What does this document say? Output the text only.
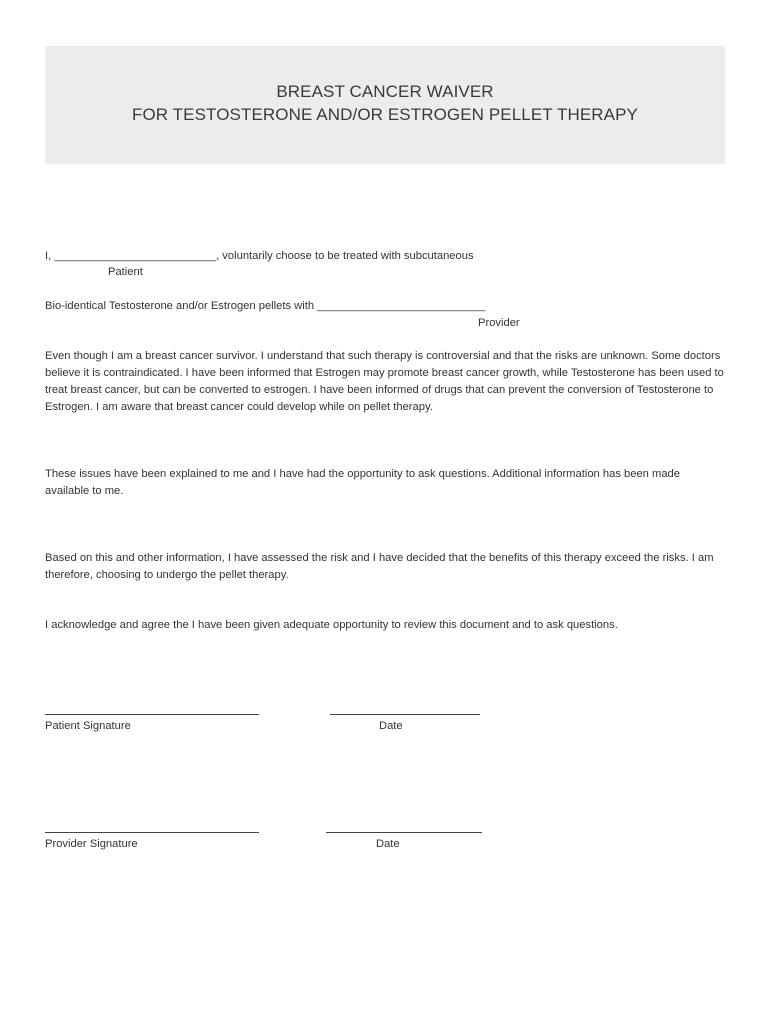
BREAST CANCER WAIVER
FOR TESTOSTERONE AND/OR ESTROGEN PELLET THERAPY
I, __________________________, voluntarily choose to be treated with subcutaneous
Patient
Bio-identical Testosterone and/or Estrogen pellets with ___________________________
Provider
Even though I am a breast cancer survivor. I understand that such therapy is controversial and that the risks are unknown. Some doctors believe it is contraindicated. I have been informed that Estrogen may promote breast cancer growth, while Testosterone has been used to treat breast cancer, but can be converted to estrogen. I have been informed of drugs that can prevent the conversion of Testosterone to Estrogen. I am aware that breast cancer could develop while on pellet therapy.
These issues have been explained to me and I have had the opportunity to ask questions. Additional information has been made available to me.
Based on this and other information, I have assessed the risk and I have decided that the benefits of this therapy exceed the risks. I am therefore, choosing to undergo the pellet therapy.
I acknowledge and agree the I have been given adequate opportunity to review this document and to ask questions.
Patient Signature	Date
Provider Signature	Date
